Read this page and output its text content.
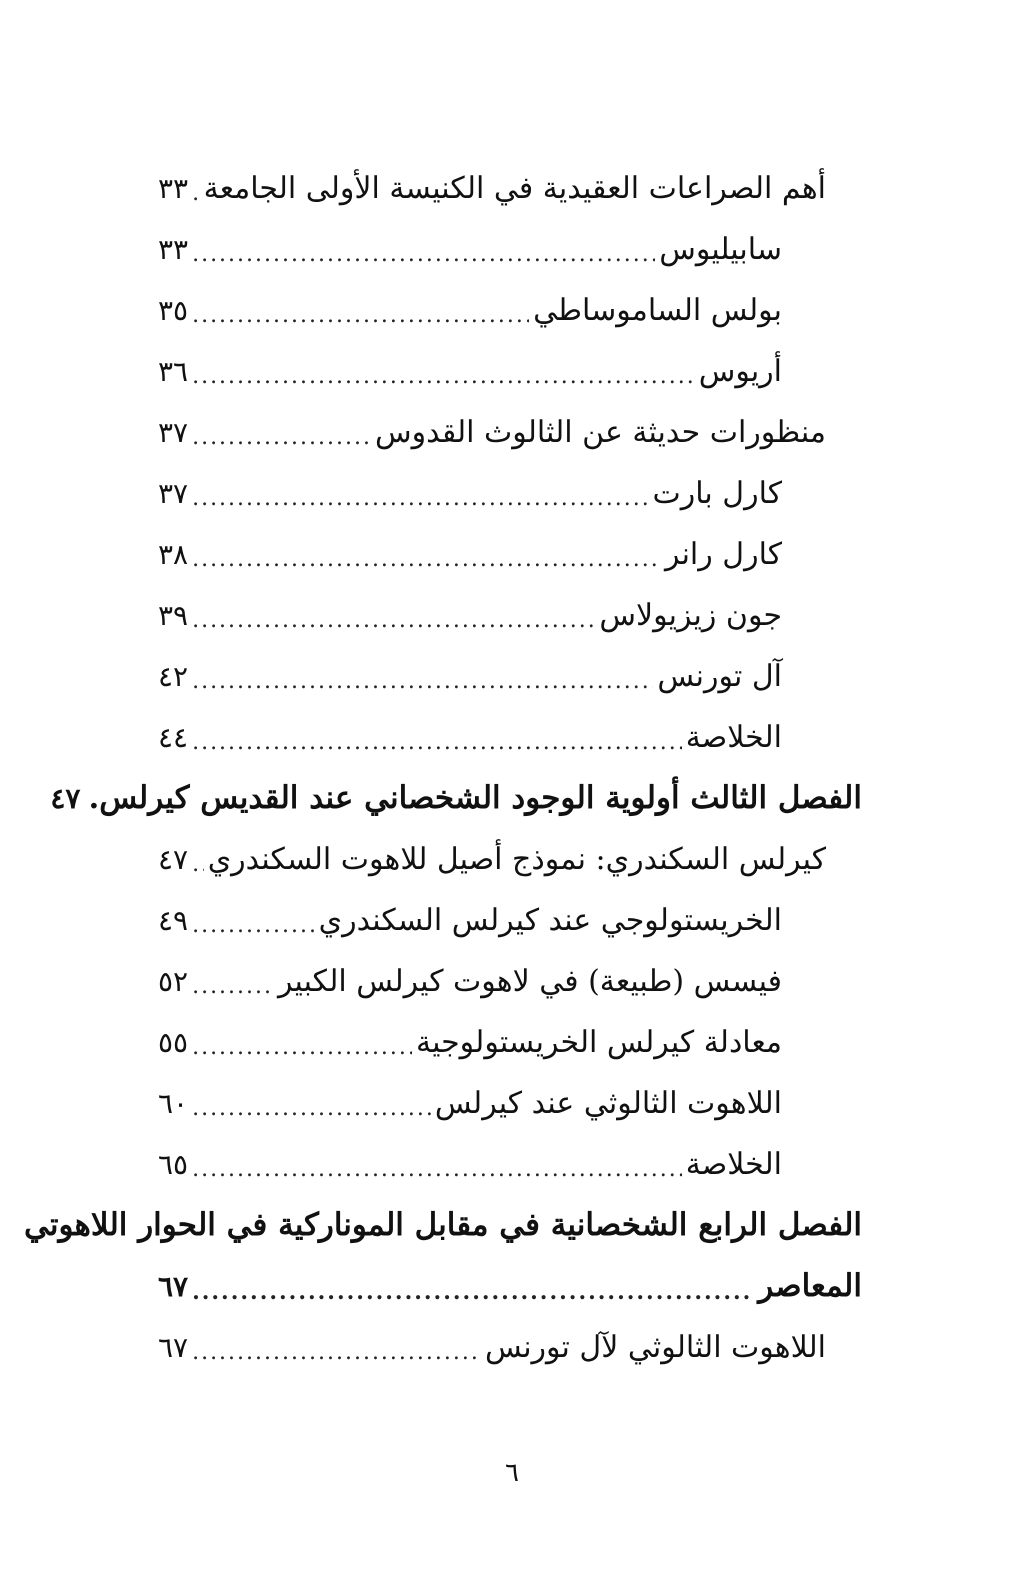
أهم الصراعات العقيدية في الكنيسة الأولى الجامعة
.....
٣٣
سابيليوس
.....
٣٣
بولس الساموساطي
.....
٣٥
أريوس
.....
٣٦
منظورات حديثة عن الثالوث القدوس
.....
٣٧
كارل بارت
.....
٣٧
كارل رانر
.....
٣٨
جون زيزيولاس
.....
٣٩
آل تورنس
.....
٤٢
الخلاصة
.....
٤٤
الفصل الثالث أولوية الوجود الشخصاني عند القديس كيرلس.
٤٧
كيرلس السكندري: نموذج أصيل للاهوت السكندري
.....
٤٧
الخريستولوجي عند كيرلس السكندري
.....
٤٩
فيسس (طبيعة) في لاهوت كيرلس الكبير
.....
٥٢
معادلة كيرلس الخريستولوجية
.....
٥٥
اللاهوت الثالوثي عند كيرلس
.....
٦٠
الخلاصة
.....
٦٥
الفصل الرابع الشخصانية في مقابل الموناركية في الحوار اللاهوتي
المعاصر
.....
٦٧
اللاهوت الثالوثي لآل تورنس
.....
٦٧
٦
